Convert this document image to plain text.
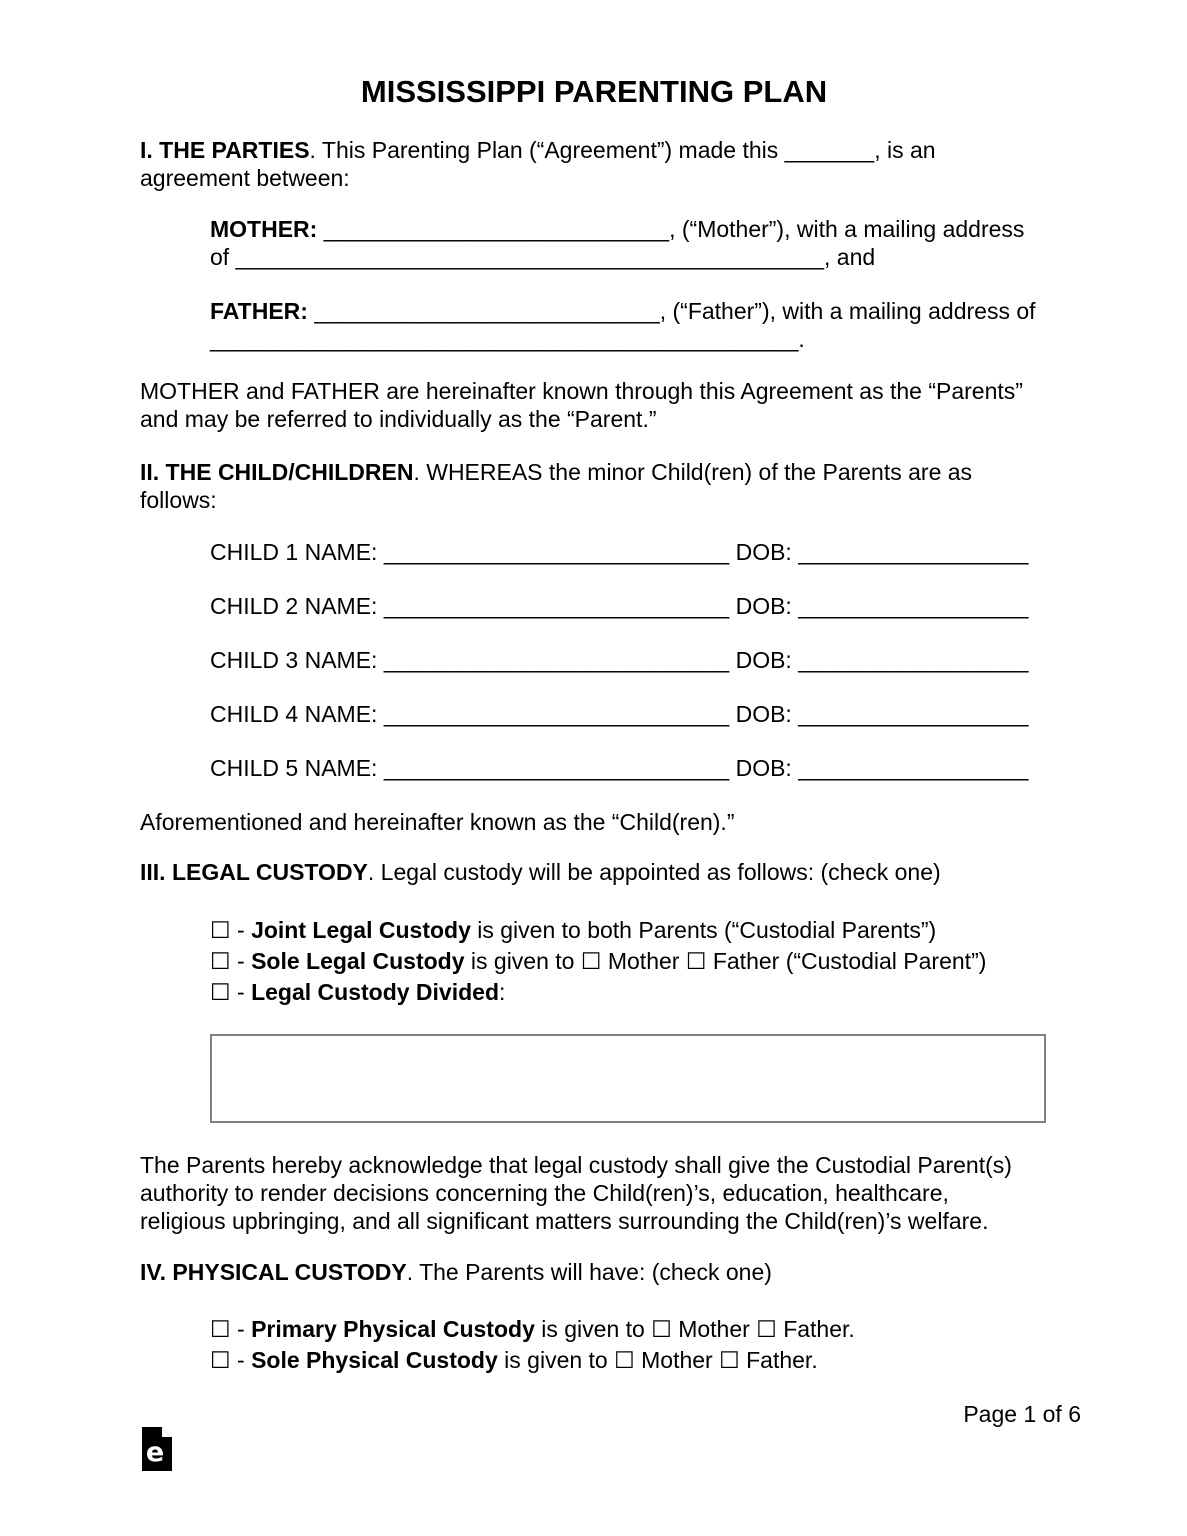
MISSISSIPPI PARENTING PLAN
I. THE PARTIES. This Parenting Plan (“Agreement”) made this _______, is an
agreement between:
MOTHER: ___________________________, (“Mother”), with a mailing address
of ______________________________________________, and
FATHER: ___________________________, (“Father”), with a mailing address of
______________________________________________.
MOTHER and FATHER are hereinafter known through this Agreement as the “Parents”
and may be referred to individually as the “Parent.”
II. THE CHILD/CHILDREN. WHEREAS the minor Child(ren) of the Parents are as
follows:
CHILD 1 NAME: ___________________________ DOB: __________________
CHILD 2 NAME: ___________________________ DOB: __________________
CHILD 3 NAME: ___________________________ DOB: __________________
CHILD 4 NAME: ___________________________ DOB: __________________
CHILD 5 NAME: ___________________________ DOB: __________________
Aforementioned and hereinafter known as the “Child(ren).”
III. LEGAL CUSTODY. Legal custody will be appointed as follows: (check one)
☐ - Joint Legal Custody is given to both Parents (“Custodial Parents”)
☐ - Sole Legal Custody is given to ☐ Mother ☐ Father (“Custodial Parent”)
☐ - Legal Custody Divided:
The Parents hereby acknowledge that legal custody shall give the Custodial Parent(s)
authority to render decisions concerning the Child(ren)’s, education, healthcare,
religious upbringing, and all significant matters surrounding the Child(ren)’s welfare.
IV. PHYSICAL CUSTODY. The Parents will have: (check one)
☐ - Primary Physical Custody is given to ☐ Mother ☐ Father.
☐ - Sole Physical Custody is given to ☐ Mother ☐ Father.
Page 1 of 6
e
